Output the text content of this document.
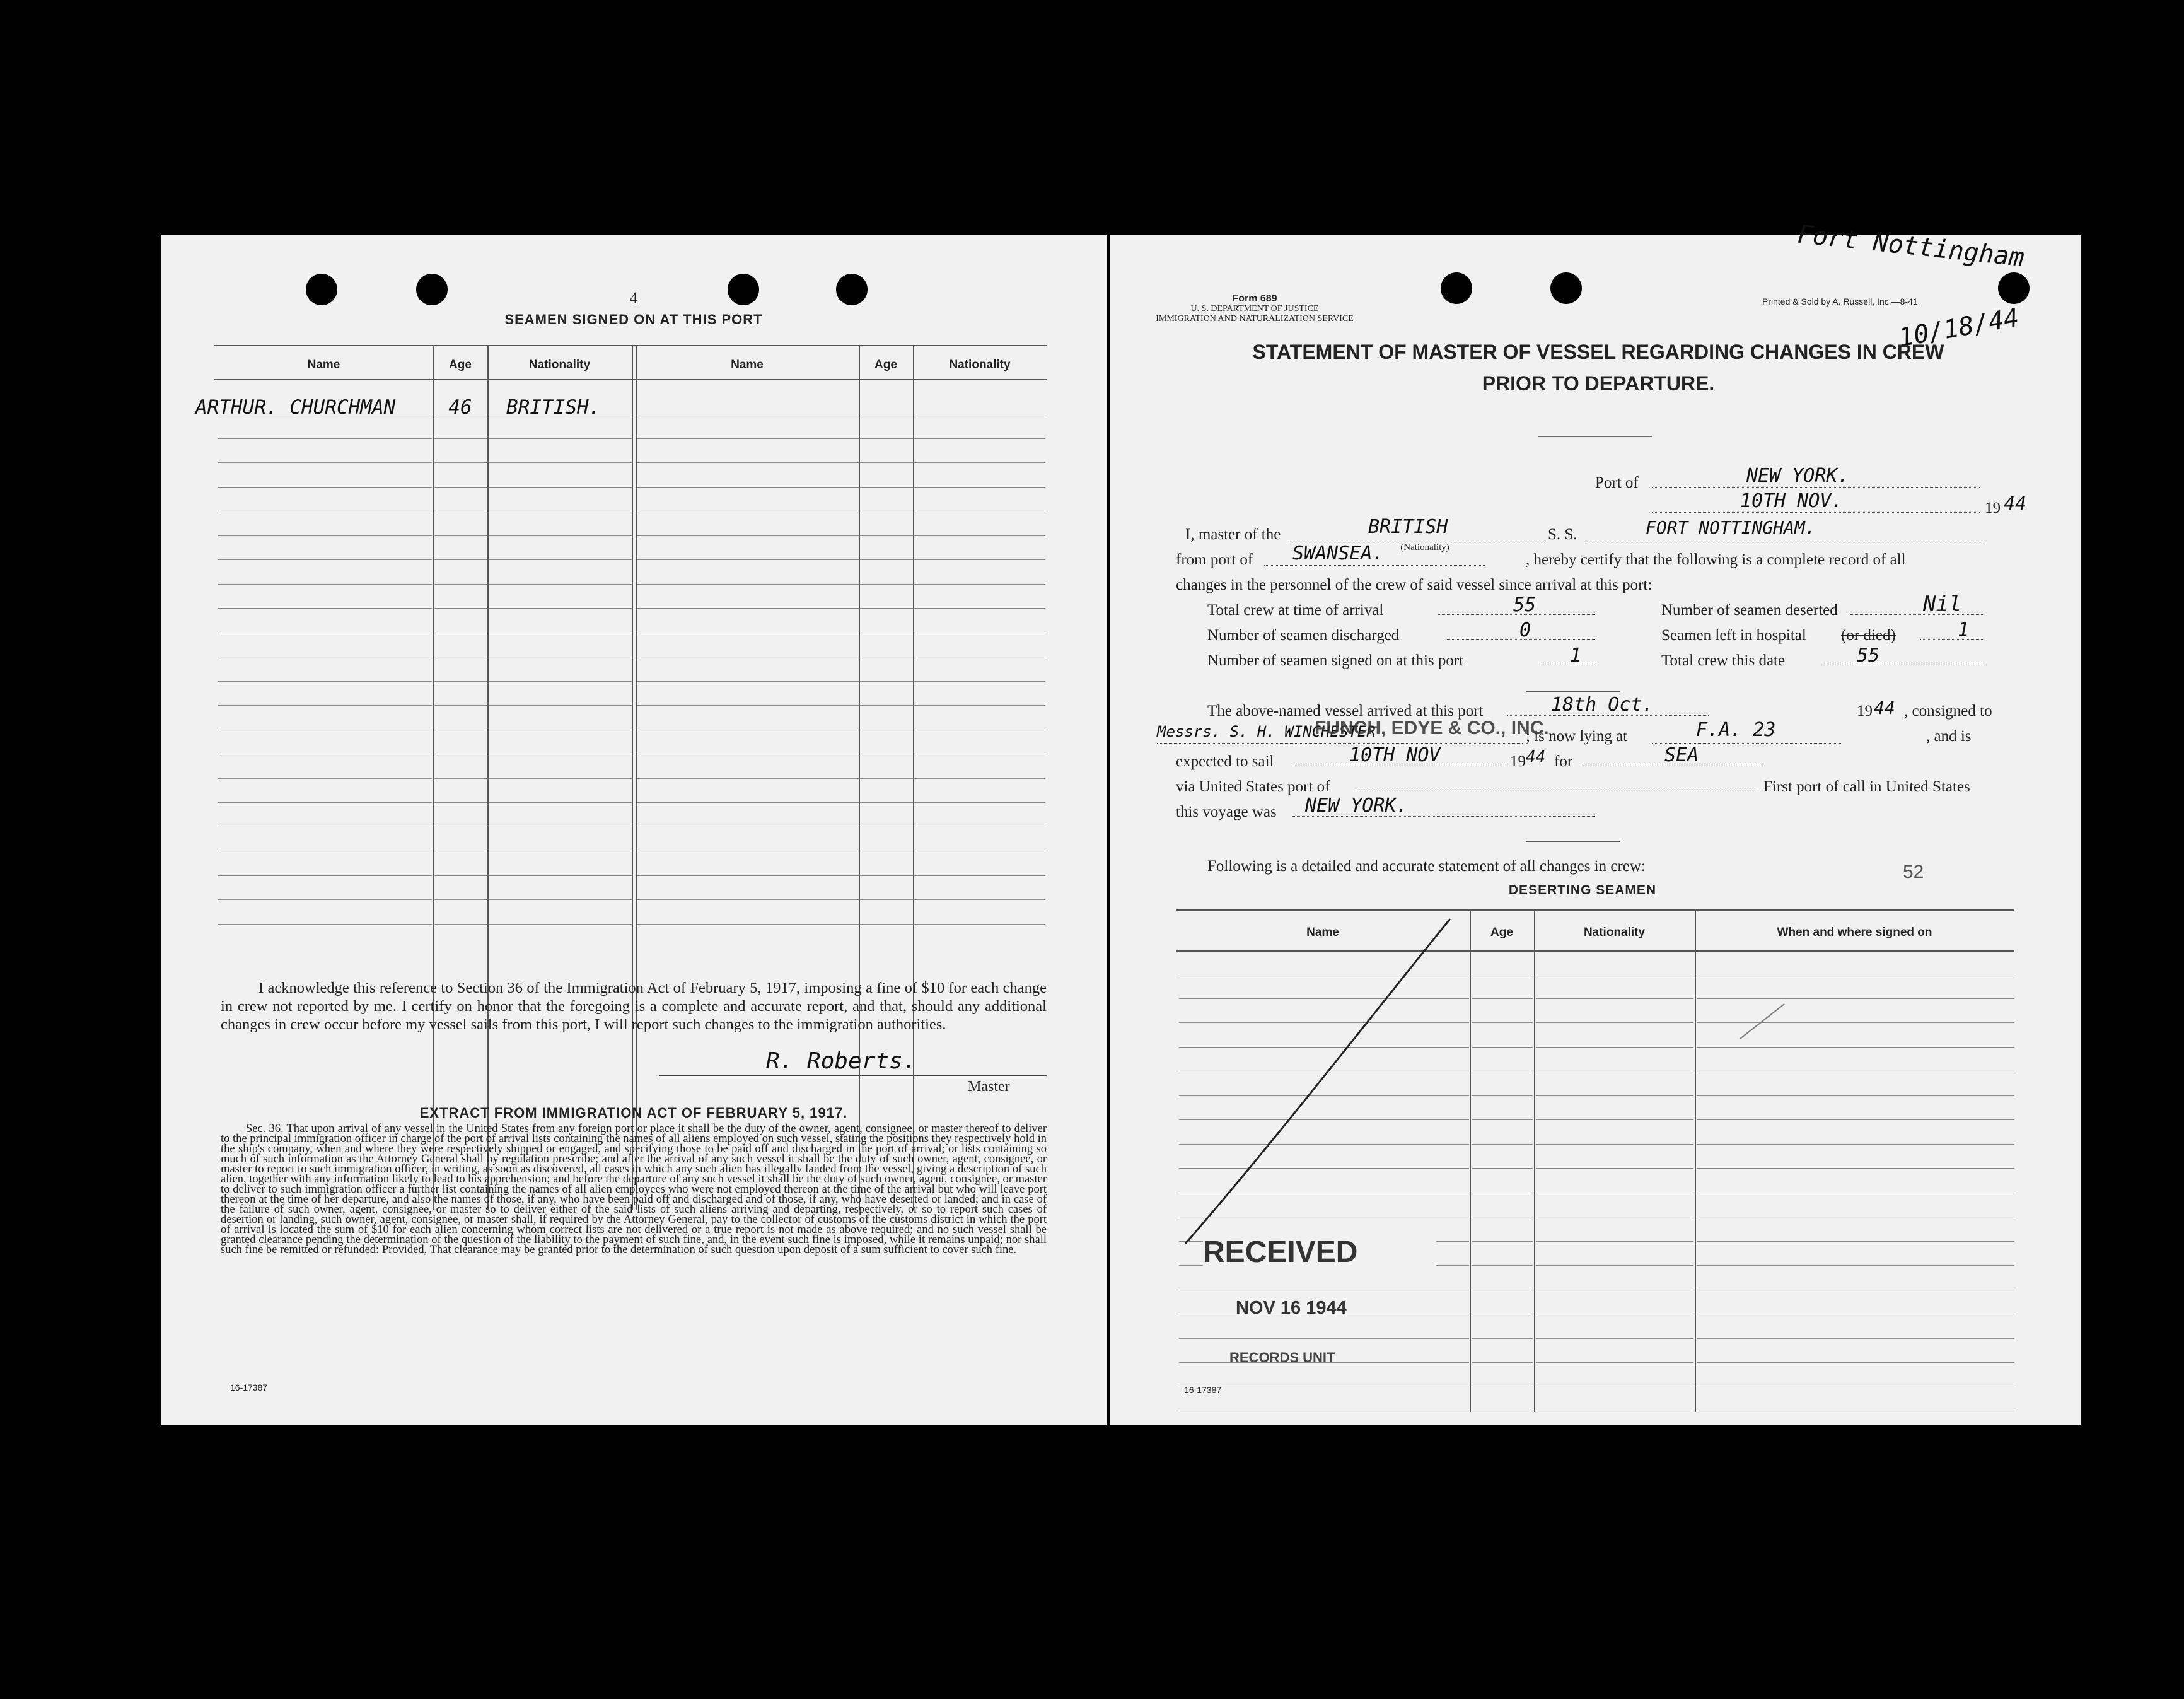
4
SEAMEN SIGNED ON AT THIS PORT
Name	Age	Nationality	Name	Age	Nationality
ARTHUR. CHURCHMAN	46	BRITISH.
I acknowledge this reference to Section 36 of the Immigration Act of February 5, 1917, imposing a fine of $10 for each change in crew not reported by me. I certify on honor that the foregoing is a complete and accurate report, and that, should any additional changes in crew occur before my vessel sails from this port, I will report such changes to the immigration authorities.
R. Roberts.
Master
EXTRACT FROM IMMIGRATION ACT OF FEBRUARY 5, 1917.
Sec. 36. That upon arrival of any vessel in the United States from any foreign port or place it shall be the duty of the owner, agent, consignee, or master thereof to deliver to the principal immigration officer in charge of the port of arrival lists containing the names of all aliens employed on such vessel, stating the positions they respectively hold in the ship's company, when and where they were respectively shipped or engaged, and specifying those to be paid off and discharged in the port of arrival; or lists containing so much of such information as the Attorney General shall by regulation prescribe; and after the arrival of any such vessel it shall be the duty of such owner, agent, consignee, or master to report to such immigration officer, in writing, as soon as discovered, all cases in which any such alien has illegally landed from the vessel, giving a description of such alien, together with any information likely to lead to his apprehension; and before the departure of any such vessel it shall be the duty of such owner, agent, consignee, or master to deliver to such immigration officer a further list containing the names of all alien employees who were not employed thereon at the time of the arrival but who will leave port thereon at the time of her departure, and also the names of those, if any, who have been paid off and discharged and of those, if any, who have deserted or landed; and in case of the failure of such owner, agent, consignee, or master so to deliver either of the said lists of such aliens arriving and departing, respectively, or so to report such cases of desertion or landing, such owner, agent, consignee, or master shall, if required by the Attorney General, pay to the collector of customs of the customs district in which the port of arrival is located the sum of $10 for each alien concerning whom correct lists are not delivered or a true report is not made as above required; and no such vessel shall be granted clearance pending the determination of the question of the liability to the payment of such fine, and, in the event such fine is imposed, while it remains unpaid; nor shall such fine be remitted or refunded: Provided, That clearance may be granted prior to the determination of such question upon deposit of a sum sufficient to cover such fine.
16-17387
Form 689
U. S. DEPARTMENT OF JUSTICE
IMMIGRATION AND NATURALIZATION SERVICE
Printed & Sold by A. Russell, Inc.—8-41
Fort Nottingham
10/18/44
STATEMENT OF MASTER OF VESSEL REGARDING CHANGES IN CREW
PRIOR TO DEPARTURE.
Port of	NEW YORK.
10TH NOV.	19 44
I, master of the	BRITISH
(Nationality)
S. S.	FORT NOTTINGHAM.
from port of SWANSEA.	, hereby certify that the following is a complete record of all
changes in the personnel of the crew of said vessel since arrival at this port:
Total crew at time of arrival	55	Number of seamen deserted	Nil
Number of seamen discharged	0	Seamen left in hospital (or died)	1
Number of seamen signed on at this port	1	Total crew this date	55
The above-named vessel arrived at this port	18th Oct.	19 44 , consigned to
Messrs. S. H. WINCHESTER
FUNCH, EDYE & CO., INC.
; is now lying at	F.A. 23	, and is
expected to sail	10TH NOV	19 44 for	SEA
via United States port of	First port of call in United States
this voyage was NEW YORK.
Following is a detailed and accurate statement of all changes in crew:	52
DESERTING SEAMEN
Name	Age	Nationality	When and where signed on
RECEIVED
NOV 16 1944
RECORDS UNIT
16-17387
